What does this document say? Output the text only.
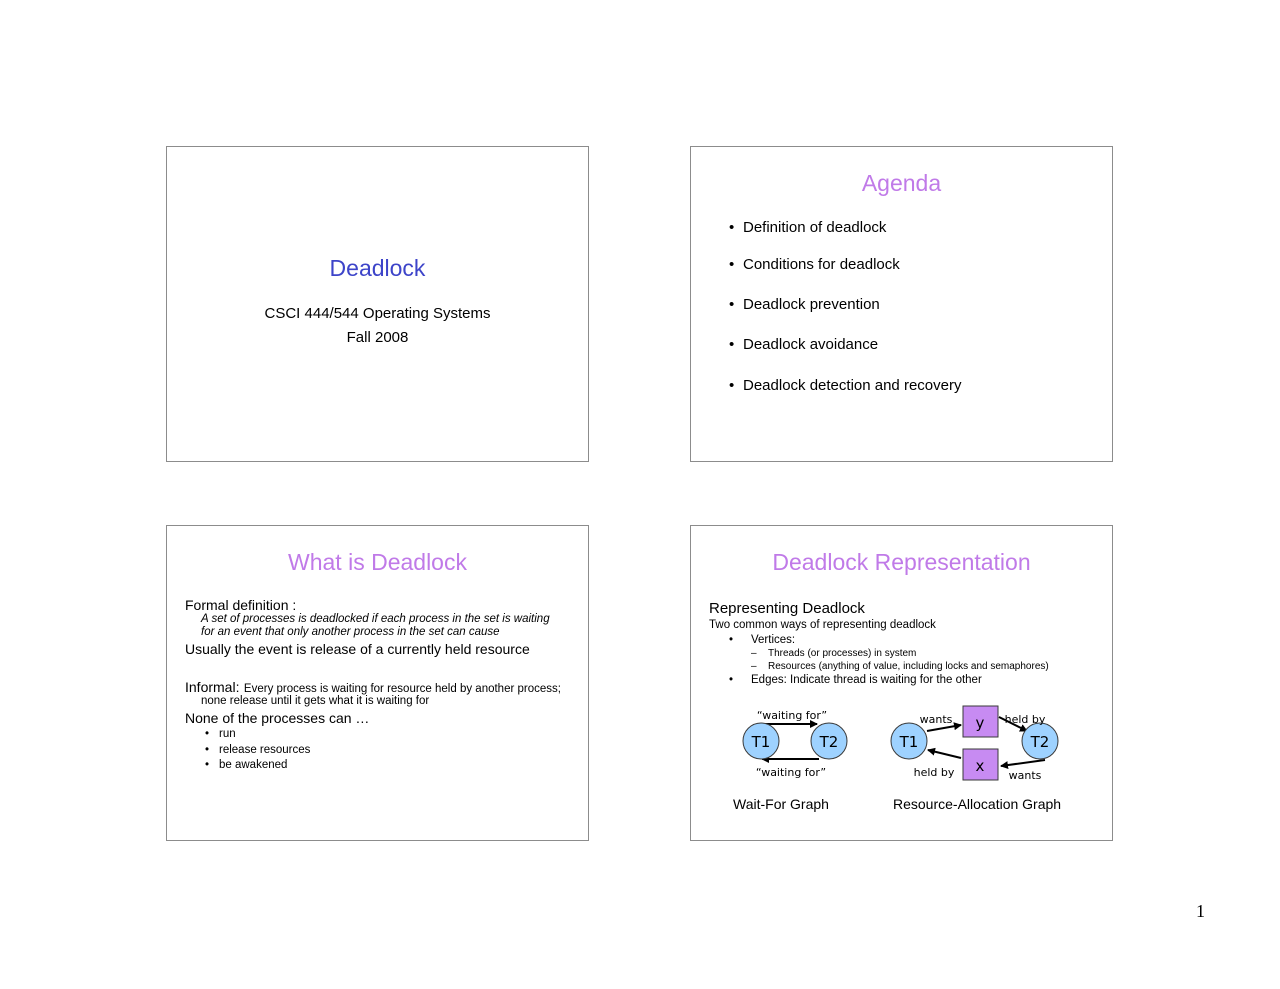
Deadlock
CSCI 444/544 Operating Systems
Fall 2008
Agenda
• Definition of deadlock
• Conditions for deadlock
• Deadlock prevention
• Deadlock avoidance
• Deadlock detection and recovery
What is Deadlock
Formal definition :
A set of processes is deadlocked if each process in the set is waiting
for an event that only another process in the set can cause
Usually the event is release of a currently held resource
Informal: Every process is waiting for resource held by another process;
none release until it gets what it is waiting for
None of the processes can …
• run
• release resources
• be awakened
Deadlock Representation
Representing Deadlock
Two common ways of representing deadlock
• Vertices:
– Threads (or processes) in system
– Resources (anything of value, including locks and semaphores)
• Edges: Indicate thread is waiting for the other
T1	T2
“waiting for”
“waiting for”
T1	T2
y
x
wants	held by
held by	wants
Wait-For Graph	Resource-Allocation Graph
1
